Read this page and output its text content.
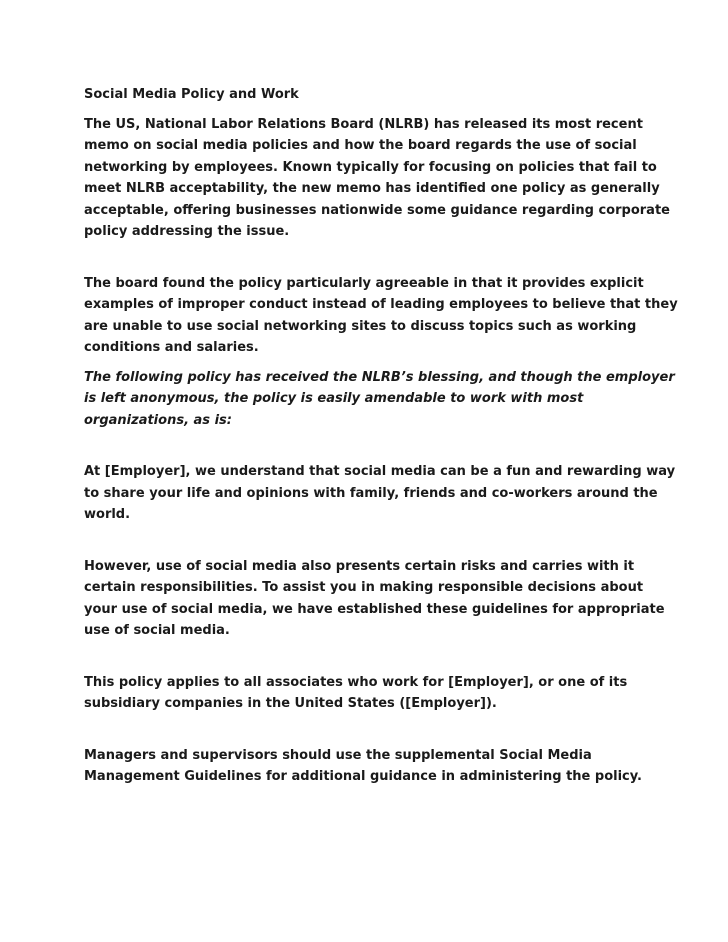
Social Media Policy and Work
The US, National Labor Relations Board (NLRB) has released its most recent
memo on social media policies and how the board regards the use of social
networking by employees. Known typically for focusing on policies that fail to
meet NLRB acceptability, the new memo has identified one policy as generally
acceptable, offering businesses nationwide some guidance regarding corporate
policy addressing the issue.
The board found the policy particularly agreeable in that it provides explicit
examples of improper conduct instead of leading employees to believe that they
are unable to use social networking sites to discuss topics such as working
conditions and salaries.
The following policy has received the NLRB’s blessing, and though the employer
is left anonymous, the policy is easily amendable to work with most
organizations, as is:
At [Employer], we understand that social media can be a fun and rewarding way
to share your life and opinions with family, friends and co-workers around the
world.
However, use of social media also presents certain risks and carries with it
certain responsibilities. To assist you in making responsible decisions about
your use of social media, we have established these guidelines for appropriate
use of social media.
This policy applies to all associates who work for [Employer], or one of its
subsidiary companies in the United States ([Employer]).
Managers and supervisors should use the supplemental Social Media
Management Guidelines for additional guidance in administering the policy.
